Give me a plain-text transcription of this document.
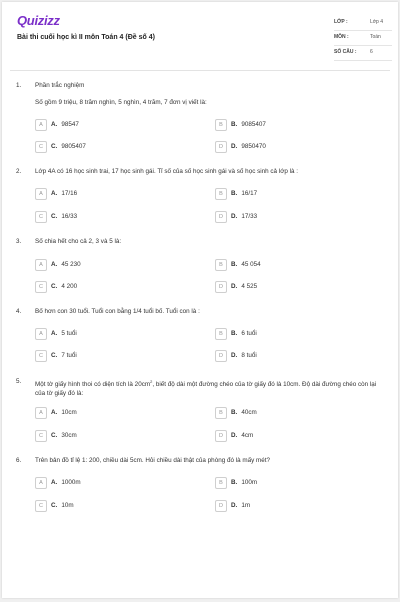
Quizizz
Bài thi cuối học kì II môn Toán 4 (Đề số 4)
LỚP :	Lớp 4
MÔN :	Toán
SỐ CÂU :	6
1. Phần trắc nghiệm
Số gồm 9 triệu, 8 trăm nghìn, 5 nghìn, 4 trăm, 7 đơn vị viết là:
A	A. 98547	B	B. 9085407
C	C. 9805407	D	D. 9850470
2. Lớp 4A có 16 học sinh trai, 17 học sinh gái. Tỉ số của số học sinh gái và số học sinh cả lớp là :
A	A. 17/16	B	B. 16/17
C	C. 16/33	D	D. 17/33
3. Số chia hết cho cả 2, 3 và 5 là:
A	A. 45 230	B	B. 45 054
C	C. 4 200	D	D. 4 525
4. Bố hơn con 30 tuổi. Tuổi con bằng 1/4 tuổi bố. Tuổi con là :
A	A. 5 tuổi	B	B. 6 tuổi
C	C. 7 tuổi	D	D. 8 tuổi
5. Một tờ giấy hình thoi có diện tích là $20cm^2$, biết độ dài một đường chéo của tờ giấy đó là 10cm. Độ dài đường chéo còn lại của tờ giấy đó là:
A	A. 10cm	B	B. 40cm
C	C. 30cm	D	D. 4cm
6. Trên bản đồ tỉ lệ 1: 200, chiều dài 5cm. Hỏi chiều dài thật của phòng đó là mấy mét?
A	A. 1000m	B	B. 100m
C	C. 10m	D	D. 1m
